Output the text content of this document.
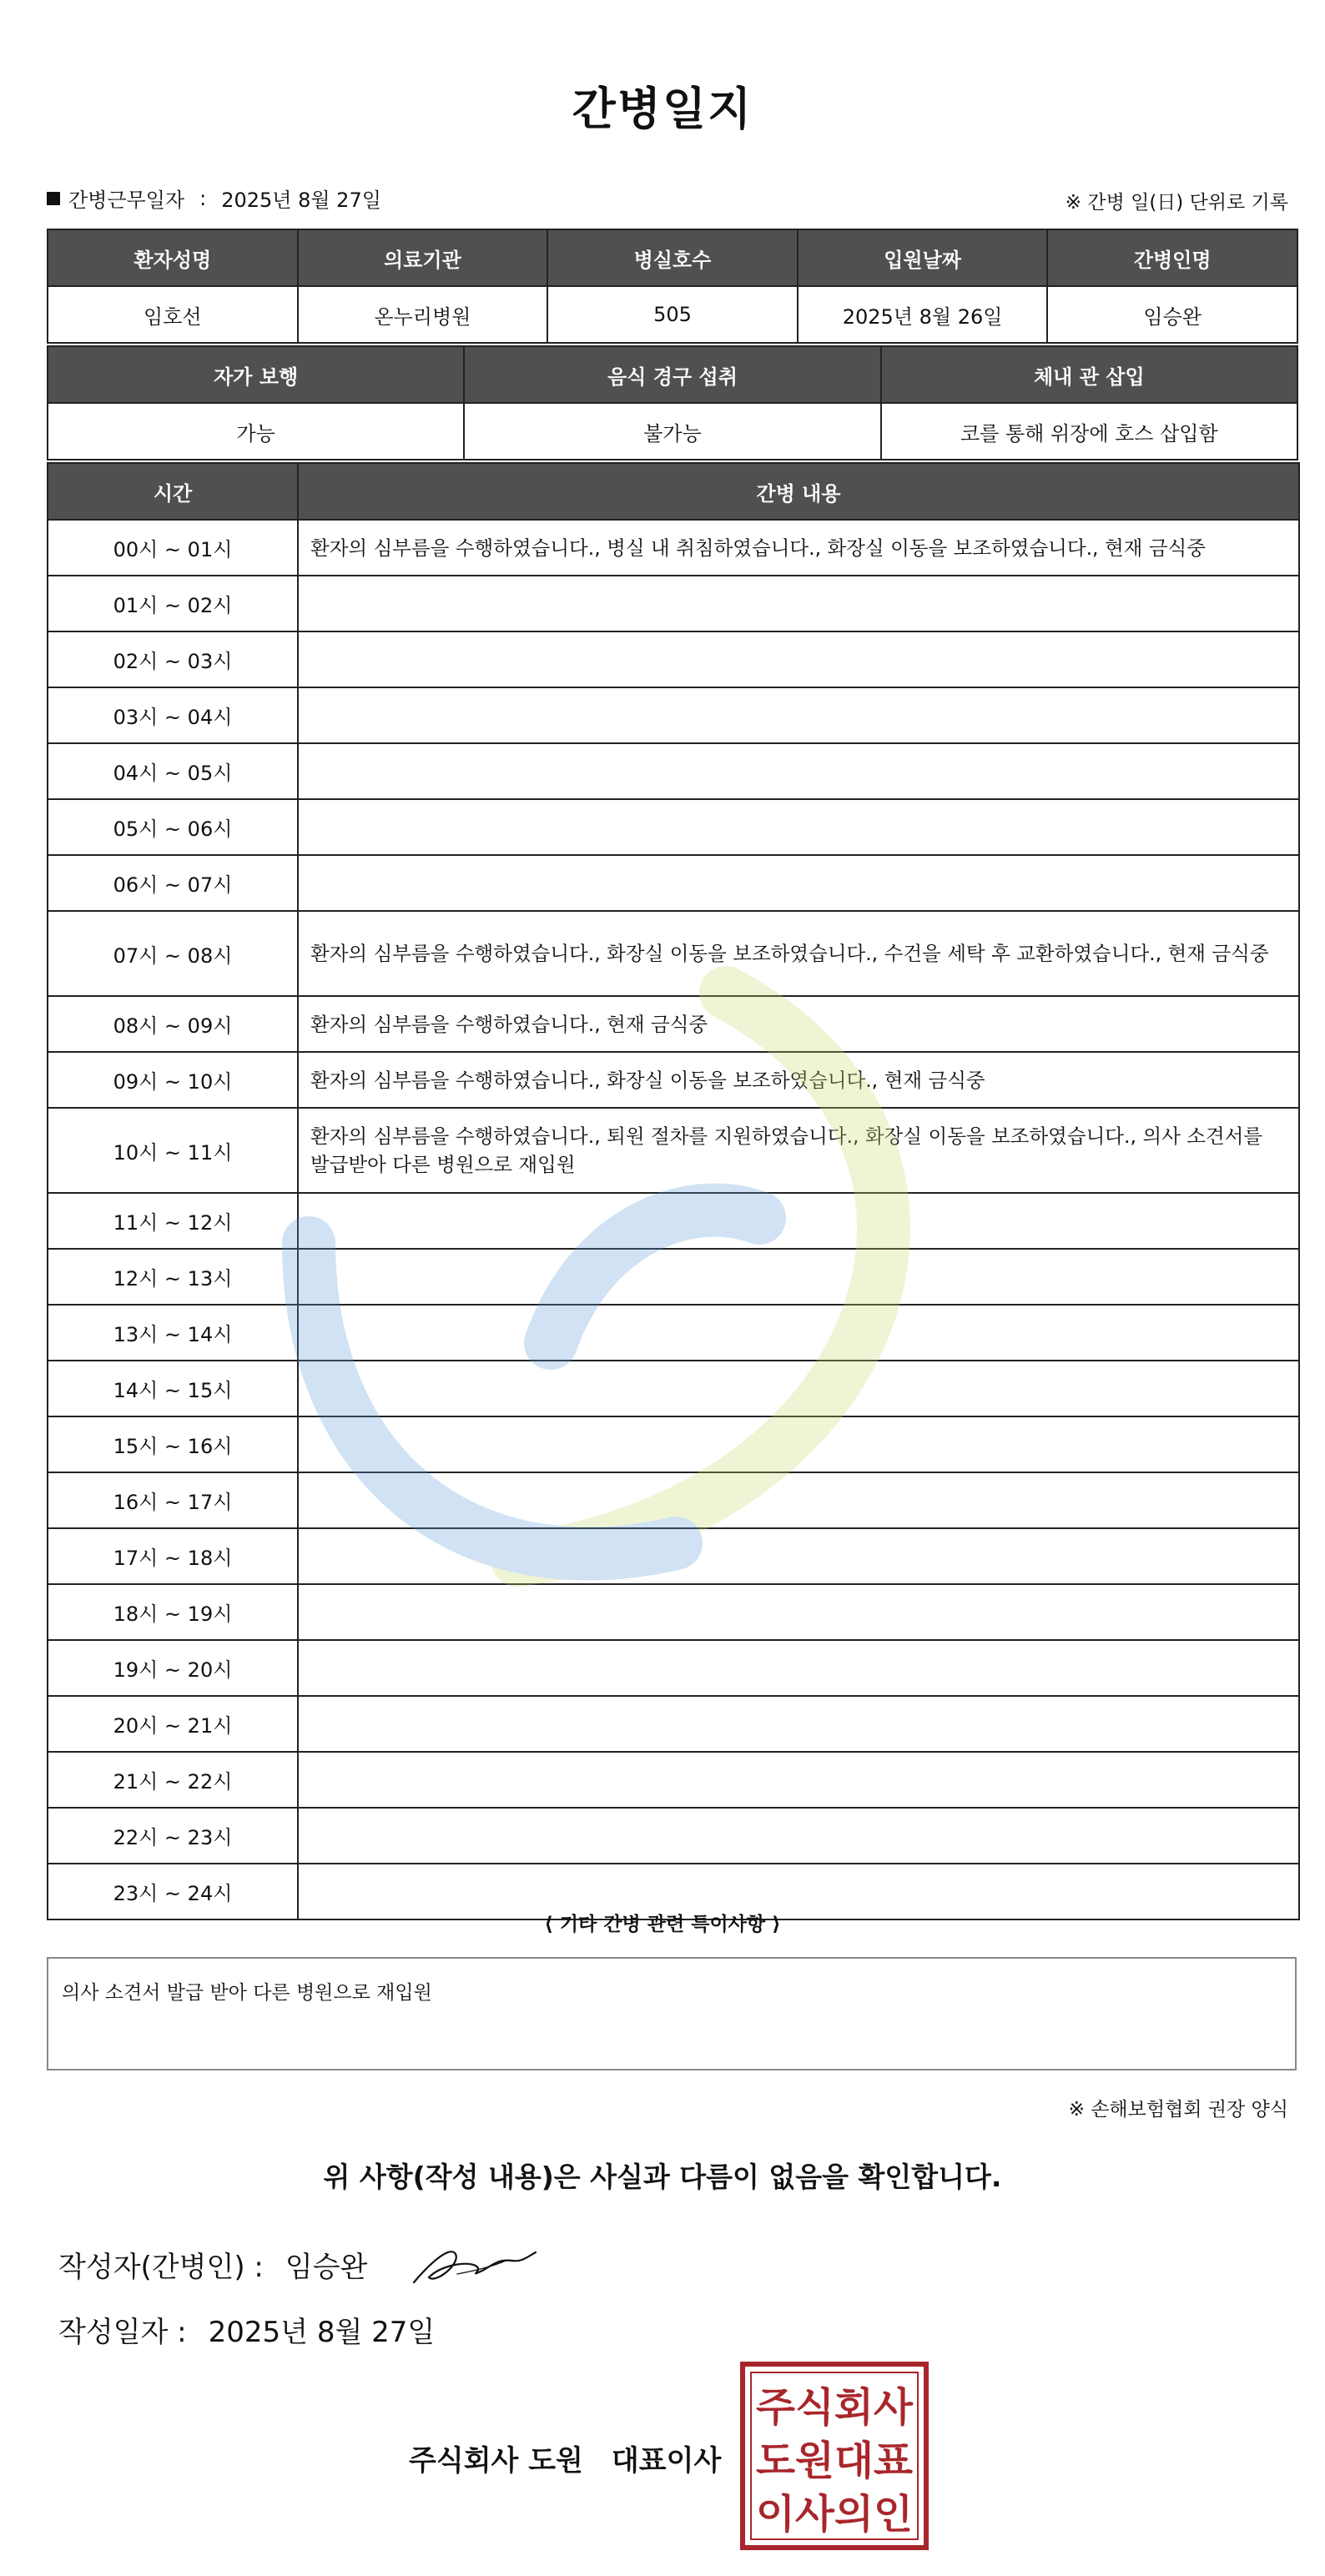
간병일지
간병근무일자 : 2025년 8월 27일	※ 간병 일(日) 단위로 기록
환자성명	의료기관	병실호수	입원날짜	간병인명
임호선	온누리병원	505	2025년 8월 26일	임승완
자가 보행	음식 경구 섭취	체내 관 삽입
가능	불가능	코를 통해 위장에 호스 삽입함
시간	간병 내용
00시 ~ 01시	환자의 심부름을 수행하였습니다., 병실 내 취침하였습니다., 화장실 이동을 보조하였습니다., 현재 금식중
01시 ~ 02시	
02시 ~ 03시	
03시 ~ 04시	
04시 ~ 05시	
05시 ~ 06시	
06시 ~ 07시	
07시 ~ 08시	환자의 심부름을 수행하였습니다., 화장실 이동을 보조하였습니다., 수건을 세탁 후 교환하였습니다., 현재 금식중
08시 ~ 09시	환자의 심부름을 수행하였습니다., 현재 금식중
09시 ~ 10시	환자의 심부름을 수행하였습니다., 화장실 이동을 보조하였습니다., 현재 금식중
10시 ~ 11시	환자의 심부름을 수행하였습니다., 퇴원 절차를 지원하였습니다., 화장실 이동을 보조하였습니다., 의사 소견서를 발급받아 다른 병원으로 재입원
11시 ~ 12시	
12시 ~ 13시	
13시 ~ 14시	
14시 ~ 15시	
15시 ~ 16시	
16시 ~ 17시	
17시 ~ 18시	
18시 ~ 19시	
19시 ~ 20시	
20시 ~ 21시	
21시 ~ 22시	
22시 ~ 23시	
23시 ~ 24시	
⟨ 기타 간병 관련 특이사항 ⟩
의사 소견서 발급 받아 다른 병원으로 재입원
※ 손해보험협회 권장 양식
위 사항(작성 내용)은 사실과 다름이 없음을 확인합니다.
작성자(간병인) : 임승완
작성일자 : 2025년 8월 27일
주식회사 도원 대표이사
주식회사
도원대표
이사의인
